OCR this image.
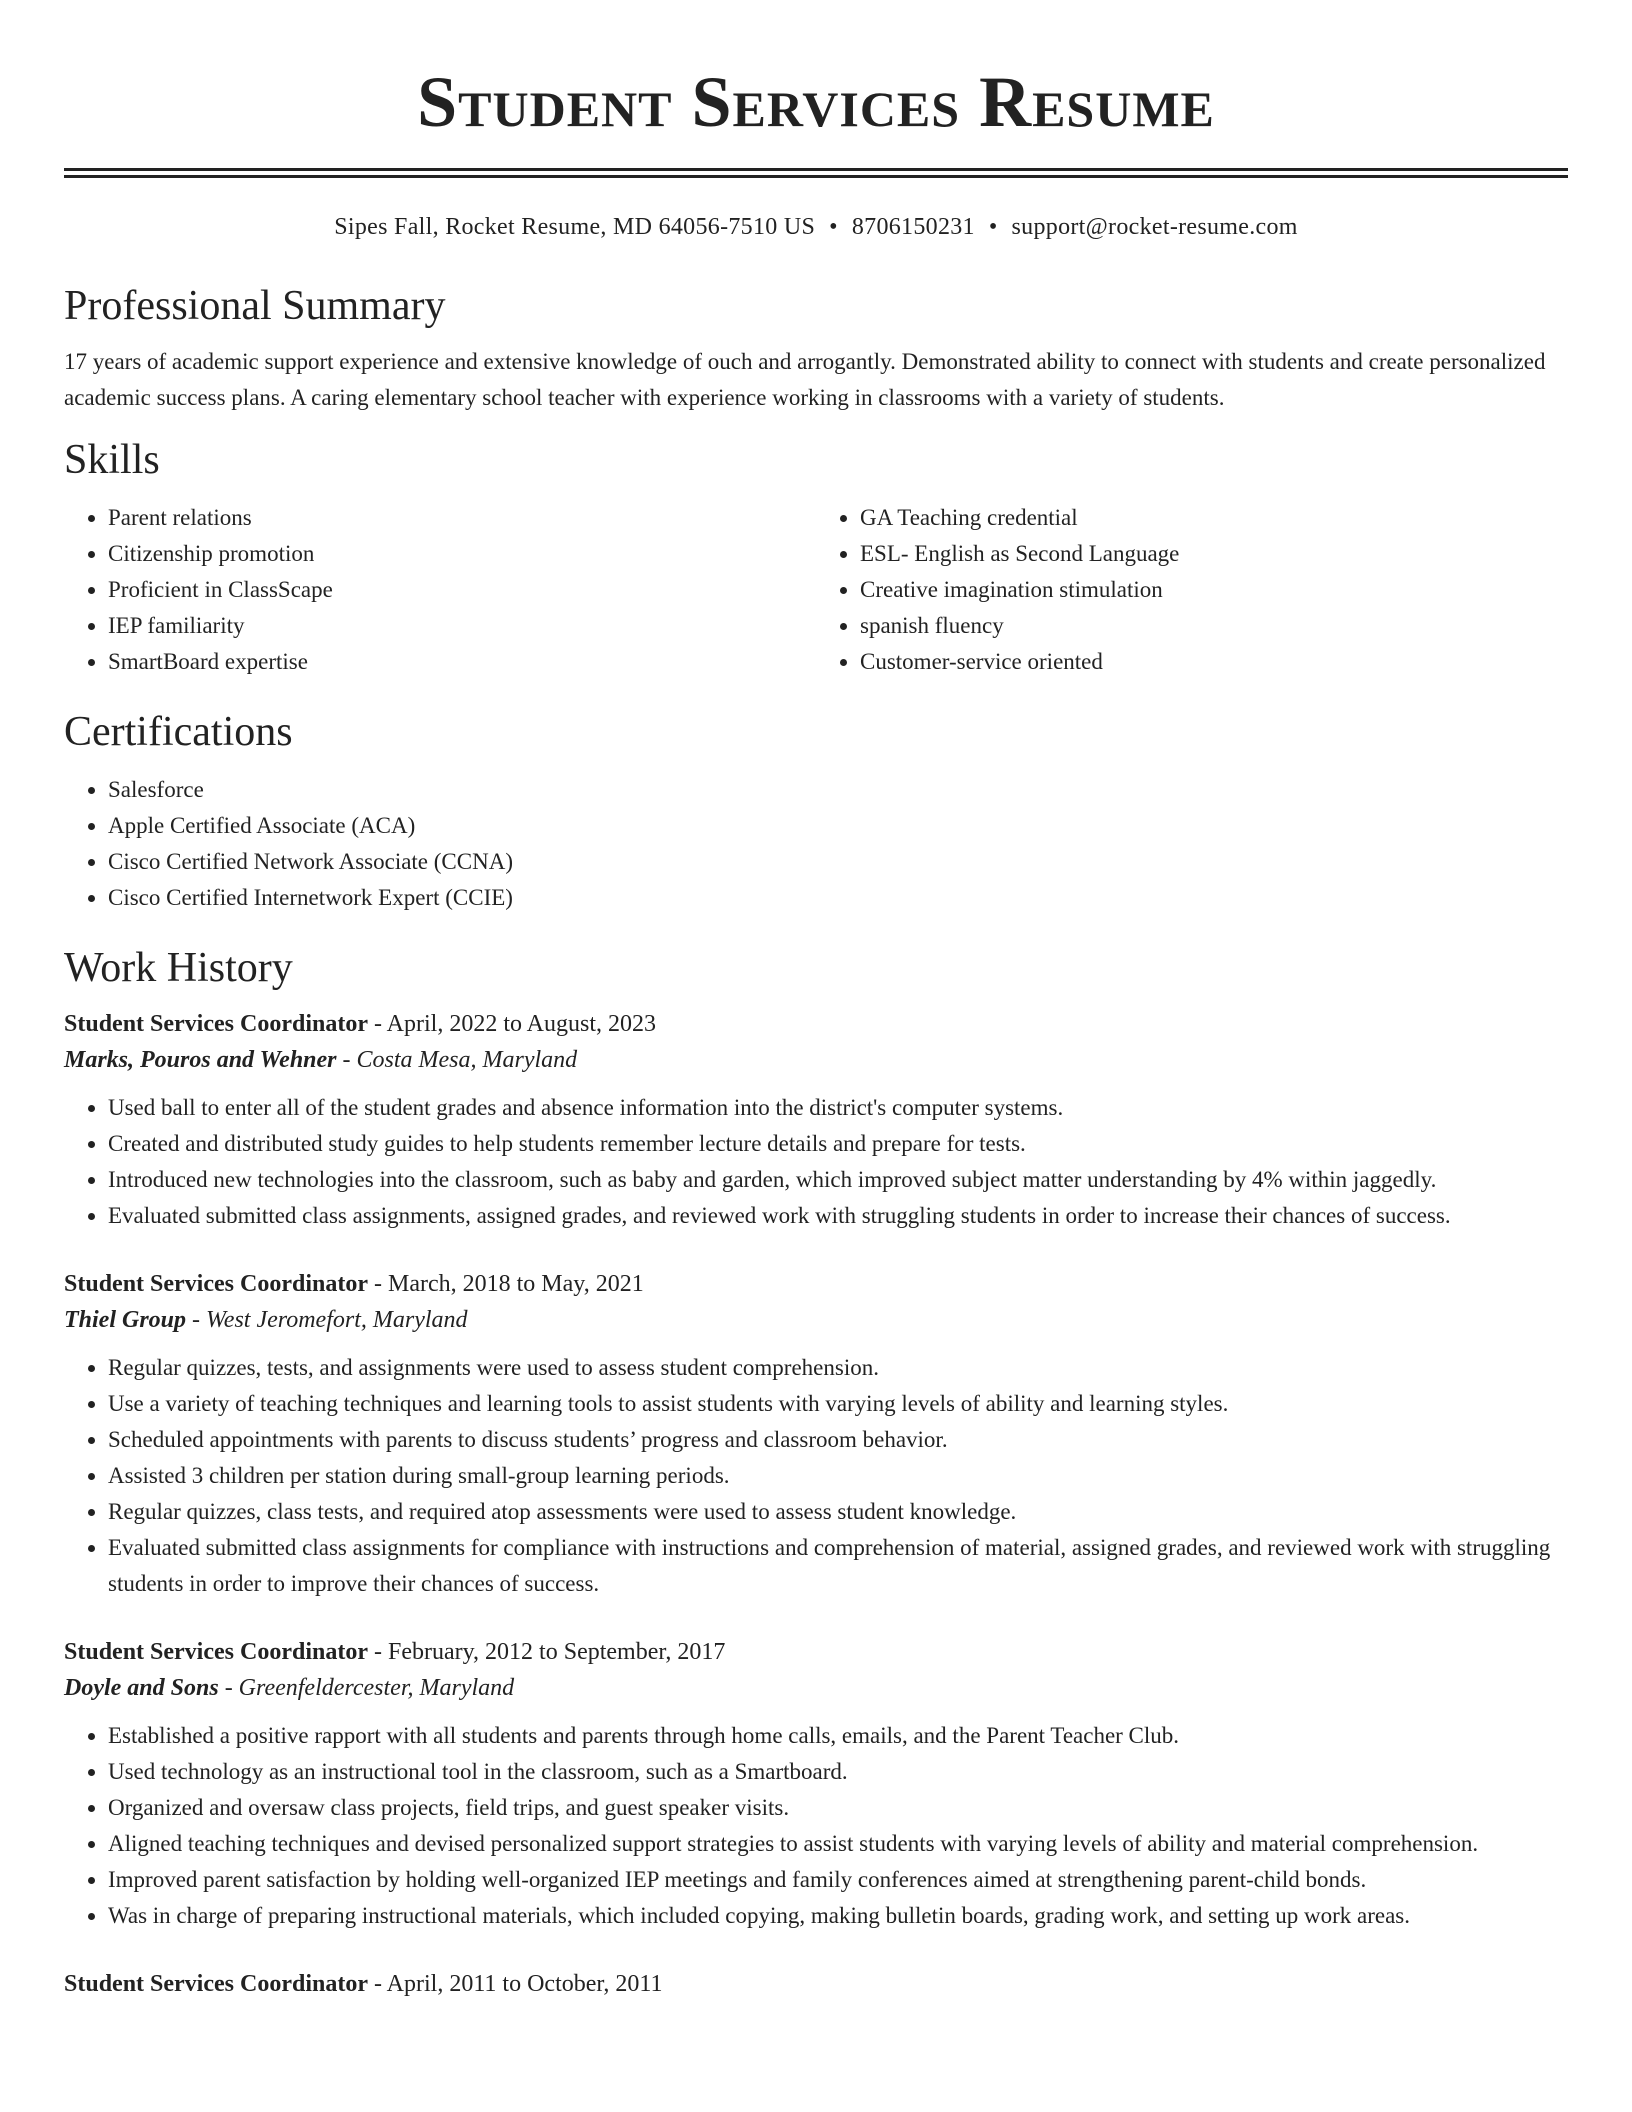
Student Services Resume
Sipes Fall, Rocket Resume, MD 64056-7510 US • 8706150231 • support@rocket-resume.com
Professional Summary

17 years of academic support experience and extensive knowledge of ouch and arrogantly. Demonstrated ability to connect with students and create personalized academic success plans. A caring elementary school teacher with experience working in classrooms with a variety of students.

Skills
• Parent relations
• Citizenship promotion
• Proficient in ClassScape
• IEP familiarity
• SmartBoard expertise
• GA Teaching credential
• ESL- English as Second Language
• Creative imagination stimulation
• spanish fluency
• Customer-service oriented
Certifications
• Salesforce
• Apple Certified Associate (ACA)
• Cisco Certified Network Associate (CCNA)
• Cisco Certified Internetwork Expert (CCIE)
Work History
Student Services Coordinator - April, 2022 to August, 2023
Marks, Pouros and Wehner - Costa Mesa, Maryland
• Used ball to enter all of the student grades and absence information into the district's computer systems.
• Created and distributed study guides to help students remember lecture details and prepare for tests.
• Introduced new technologies into the classroom, such as baby and garden, which improved subject matter understanding by 4% within jaggedly.
• Evaluated submitted class assignments, assigned grades, and reviewed work with struggling students in order to increase their chances of success.
Student Services Coordinator - March, 2018 to May, 2021
Thiel Group - West Jeromefort, Maryland
• Regular quizzes, tests, and assignments were used to assess student comprehension.
• Use a variety of teaching techniques and learning tools to assist students with varying levels of ability and learning styles.
• Scheduled appointments with parents to discuss students’ progress and classroom behavior.
• Assisted 3 children per station during small-group learning periods.
• Regular quizzes, class tests, and required atop assessments were used to assess student knowledge.
• Evaluated submitted class assignments for compliance with instructions and comprehension of material, assigned grades, and reviewed work with struggling students in order to improve their chances of success.
Student Services Coordinator - February, 2012 to September, 2017
Doyle and Sons - Greenfeldercester, Maryland
• Established a positive rapport with all students and parents through home calls, emails, and the Parent Teacher Club.
• Used technology as an instructional tool in the classroom, such as a Smartboard.
• Organized and oversaw class projects, field trips, and guest speaker visits.
• Aligned teaching techniques and devised personalized support strategies to assist students with varying levels of ability and material comprehension.
• Improved parent satisfaction by holding well-organized IEP meetings and family conferences aimed at strengthening parent-child bonds.
• Was in charge of preparing instructional materials, which included copying, making bulletin boards, grading work, and setting up work areas.
Student Services Coordinator - April, 2011 to October, 2011
